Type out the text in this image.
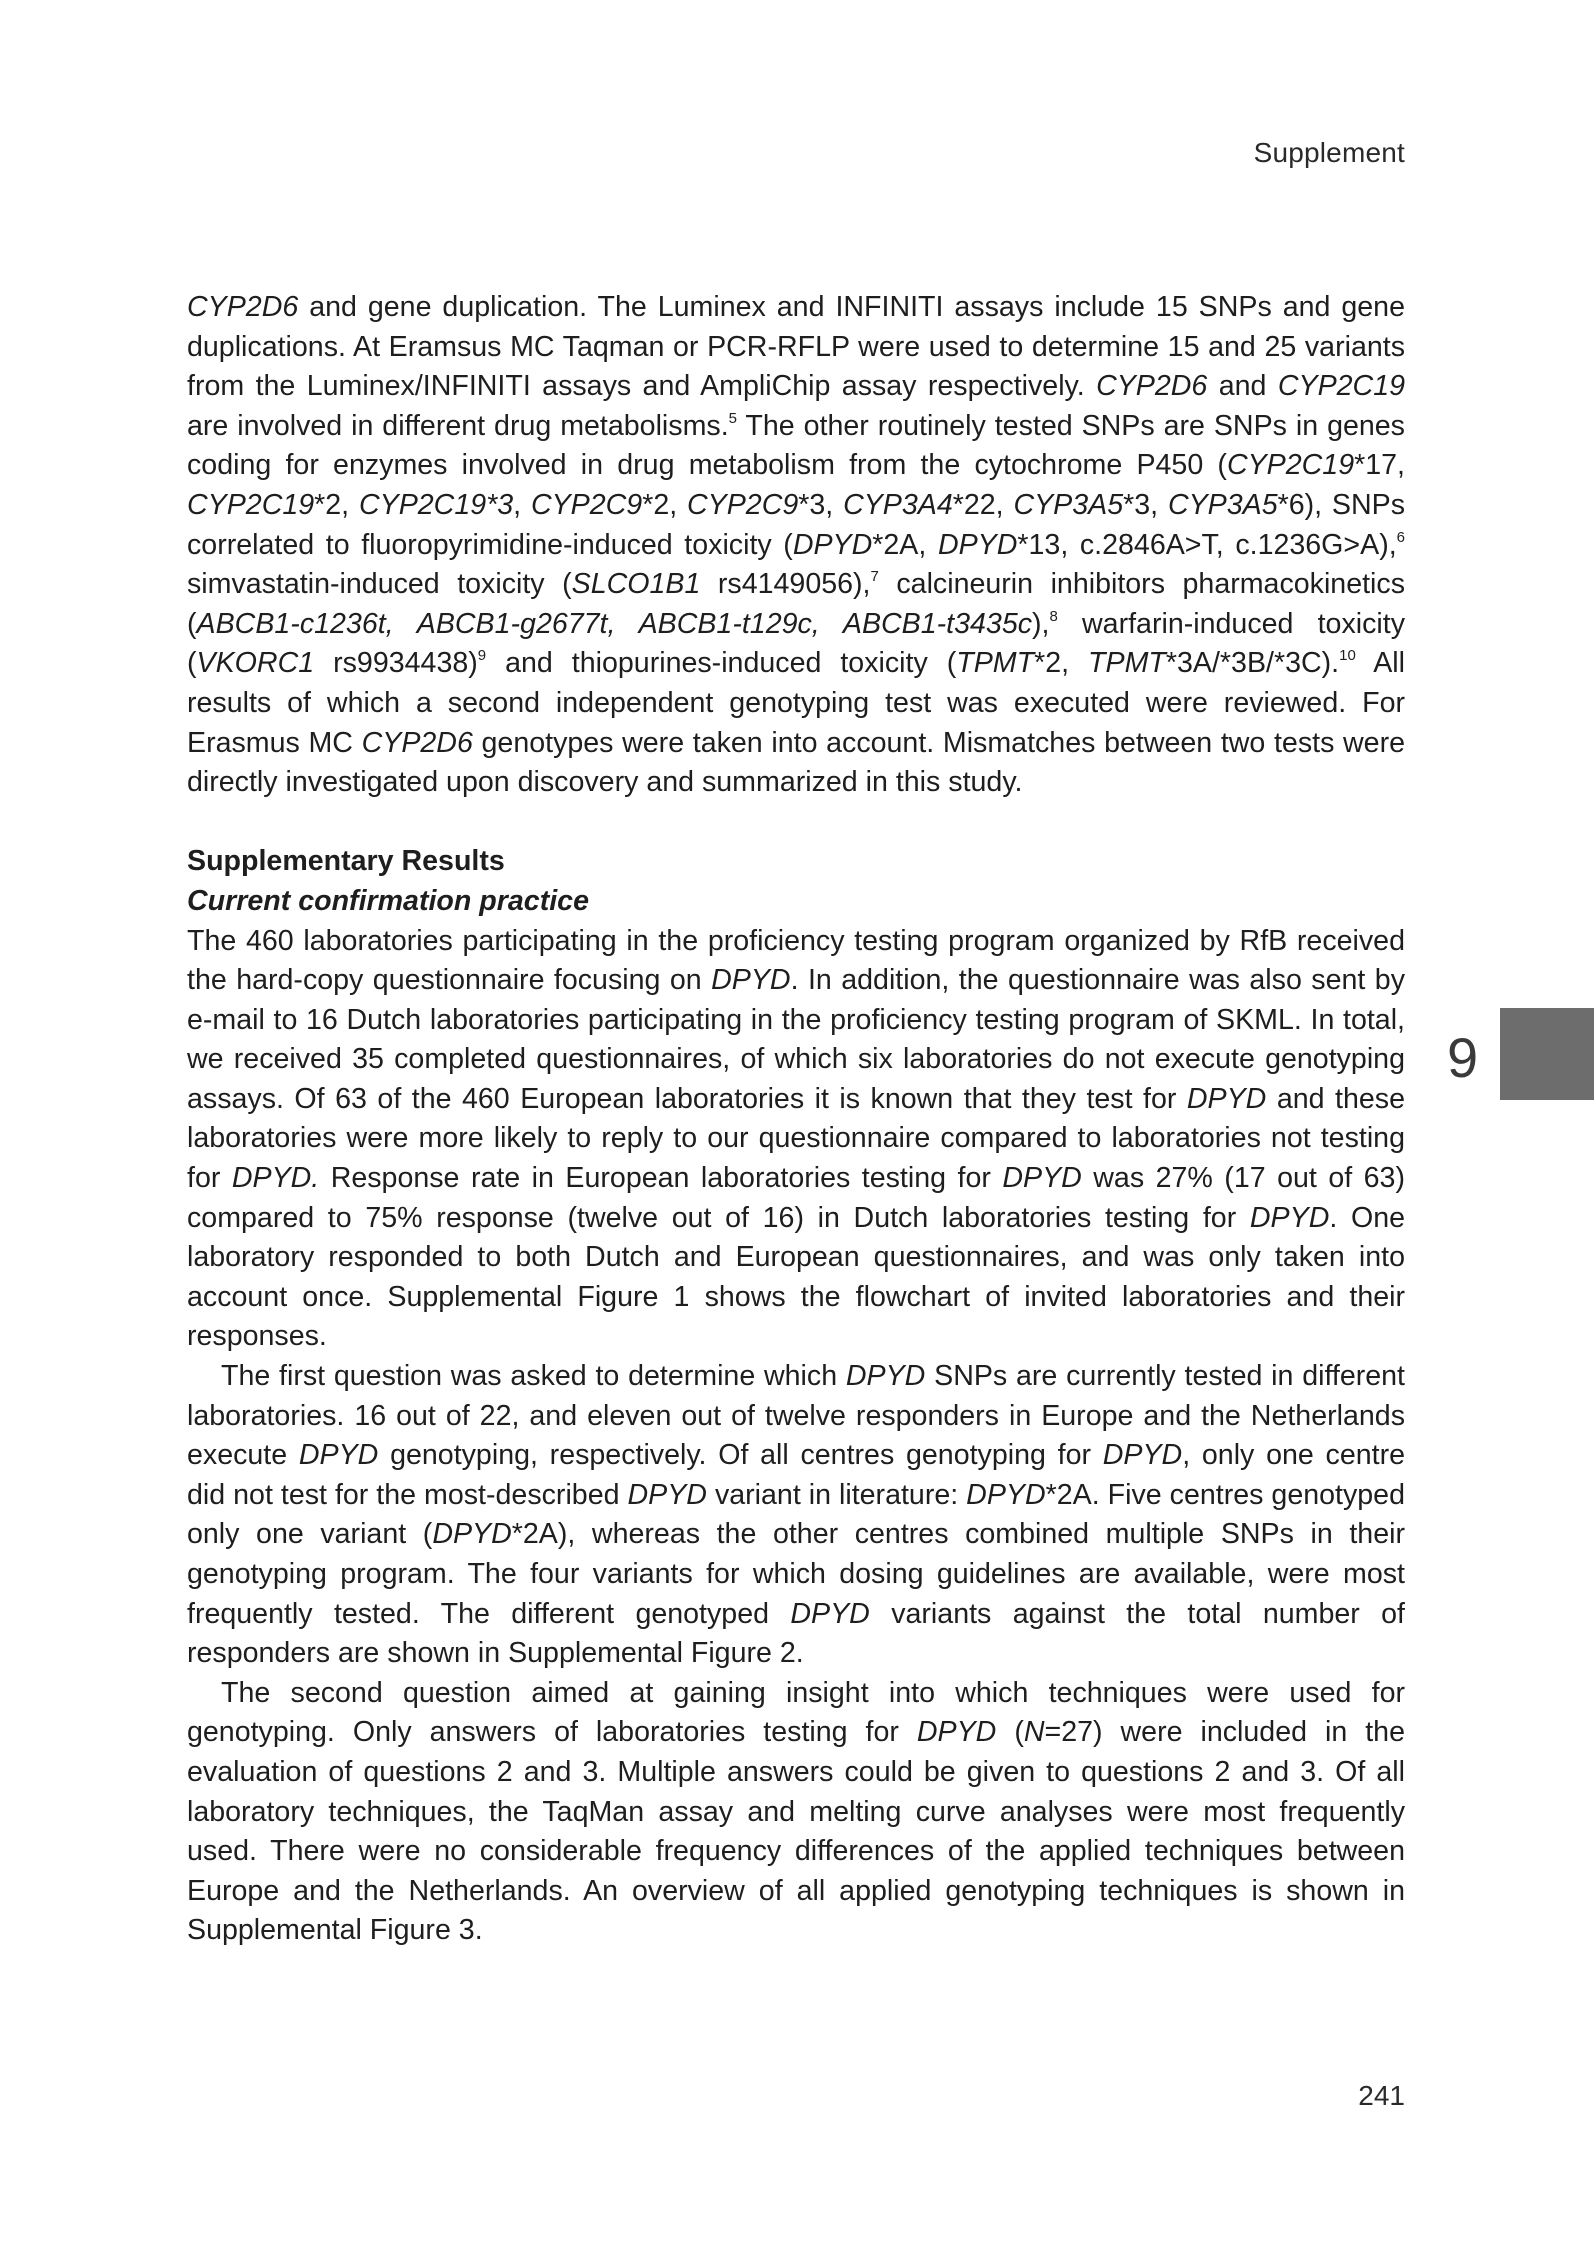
Supplement

CYP2D6 and gene duplication. The Luminex and INFINITI assays include 15 SNPs and gene duplications. At Eramsus MC Taqman or PCR-RFLP were used to determine 15 and 25 variants from the Luminex/INFINITI assays and AmpliChip assay respectively. CYP2D6 and CYP2C19 are involved in different drug metabolisms.$^5$ The other routinely tested SNPs are SNPs in genes coding for enzymes involved in drug metabolism from the cytochrome P450 (CYP2C19*17, CYP2C19*2, CYP2C19*3, CYP2C9*2, CYP2C9*3, CYP3A4*22, CYP3A5*3, CYP3A5*6), SNPs correlated to fluoropyrimidine-induced toxicity (DPYD*2A, DPYD*13, c.2846A>T, c.1236G>A),$^6$ simvastatin-induced toxicity (SLCO1B1 rs4149056),$^7$ calcineurin inhibitors pharmacokinetics (ABCB1-c1236t, ABCB1-g2677t, ABCB1-t129c, ABCB1-t3435c),$^8$ warfarin-induced toxicity (VKORC1 rs9934438)$^9$ and thiopurines-induced toxicity (TPMT*2, TPMT*3A/*3B/*3C).$^{10}$ All results of which a second independent genotyping test was executed were reviewed. For Erasmus MC CYP2D6 genotypes were taken into account. Mismatches between two tests were directly investigated upon discovery and summarized in this study.

Supplementary Results

Current confirmation practice

The 460 laboratories participating in the proficiency testing program organized by RfB received the hard-copy questionnaire focusing on DPYD. In addition, the questionnaire was also sent by e-mail to 16 Dutch laboratories participating in the proficiency testing program of SKML. In total, we received 35 completed questionnaires, of which six laboratories do not execute genotyping assays. Of 63 of the 460 European laboratories it is known that they test for DPYD and these laboratories were more likely to reply to our questionnaire compared to laboratories not testing for DPYD. Response rate in European laboratories testing for DPYD was 27% (17 out of 63) compared to 75% response (twelve out of 16) in Dutch laboratories testing for DPYD. One laboratory responded to both Dutch and European questionnaires, and was only taken into account once. Supplemental Figure 1 shows the flowchart of invited laboratories and their responses.

The first question was asked to determine which DPYD SNPs are currently tested in different laboratories. 16 out of 22, and eleven out of twelve responders in Europe and the Netherlands execute DPYD genotyping, respectively. Of all centres genotyping for DPYD, only one centre did not test for the most-described DPYD variant in literature: DPYD*2A. Five centres genotyped only one variant (DPYD*2A), whereas the other centres combined multiple SNPs in their genotyping program. The four variants for which dosing guidelines are available, were most frequently tested. The different genotyped DPYD variants against the total number of responders are shown in Supplemental Figure 2.

The second question aimed at gaining insight into which techniques were used for genotyping. Only answers of laboratories testing for DPYD (N=27) were included in the evaluation of questions 2 and 3. Multiple answers could be given to questions 2 and 3. Of all laboratory techniques, the TaqMan assay and melting curve analyses were most frequently used. There were no considerable frequency differences of the applied techniques between Europe and the Netherlands. An overview of all applied genotyping techniques is shown in Supplemental Figure 3.

9
241
